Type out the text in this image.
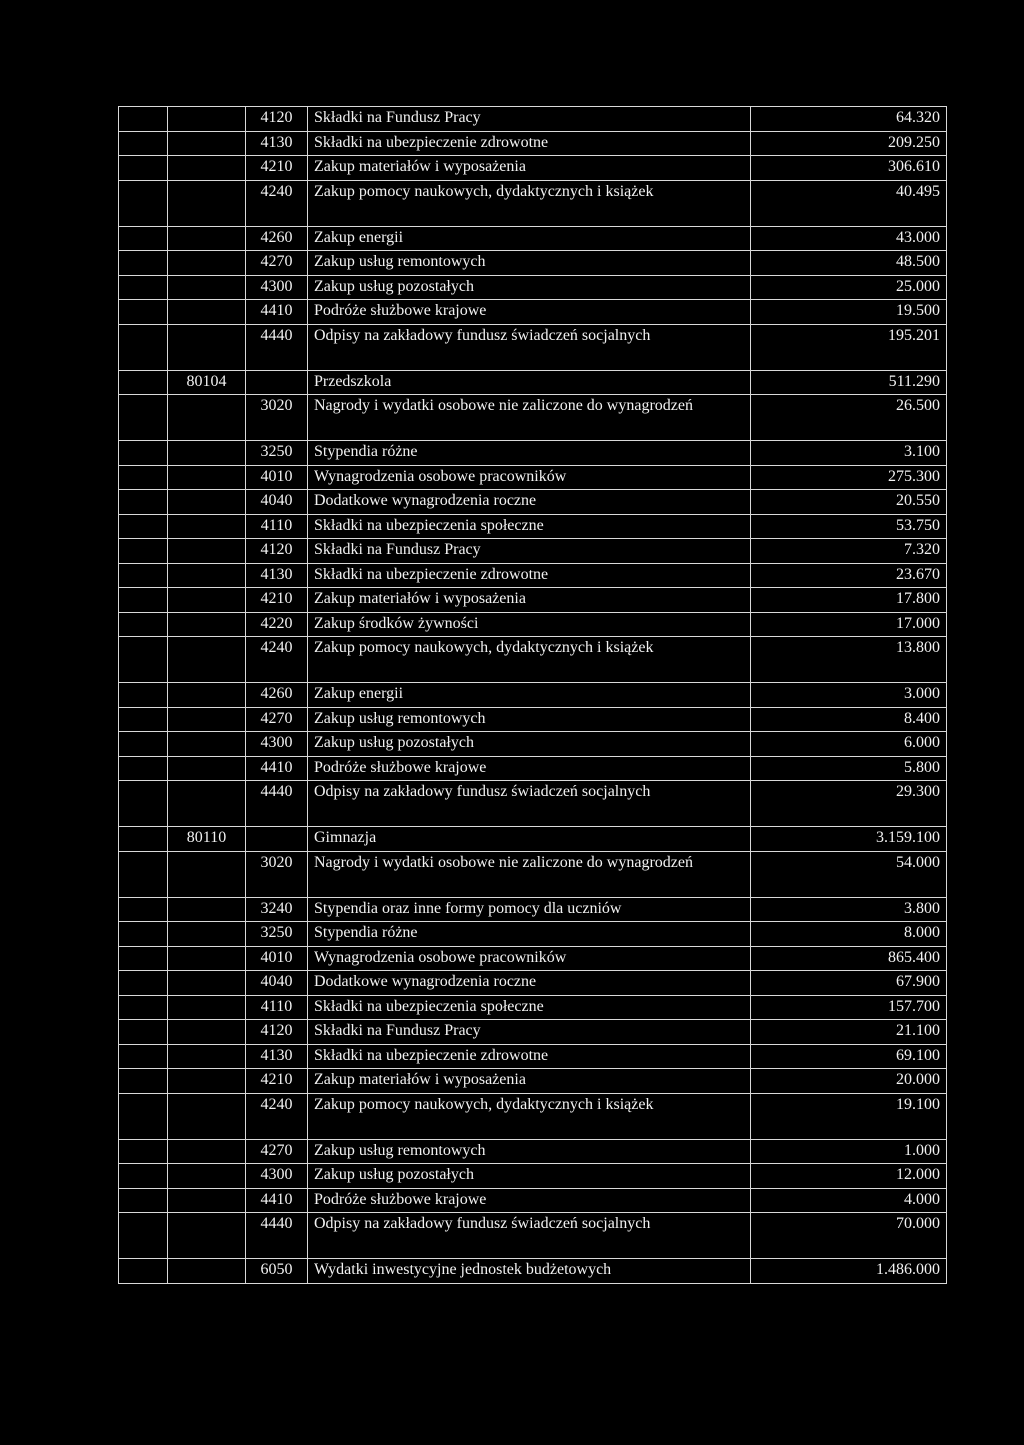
		4120	Składki na Fundusz Pracy	64.320
		4130	Składki na ubezpieczenie zdrowotne	209.250
		4210	Zakup materiałów i wyposażenia	306.610
		4240	Zakup pomocy naukowych, dydaktycznych i książek	40.495
		4260	Zakup energii	43.000
		4270	Zakup usług remontowych	48.500
		4300	Zakup usług pozostałych	25.000
		4410	Podróże służbowe krajowe	19.500
		4440	Odpisy na zakładowy fundusz świadczeń socjalnych	195.201
	80104		Przedszkola	511.290
		3020	Nagrody i wydatki osobowe nie zaliczone do wynagrodzeń	26.500
		3250	Stypendia różne	3.100
		4010	Wynagrodzenia osobowe pracowników	275.300
		4040	Dodatkowe wynagrodzenia roczne	20.550
		4110	Składki na ubezpieczenia społeczne	53.750
		4120	Składki na Fundusz Pracy	7.320
		4130	Składki na ubezpieczenie zdrowotne	23.670
		4210	Zakup materiałów i wyposażenia	17.800
		4220	Zakup środków żywności	17.000
		4240	Zakup pomocy naukowych, dydaktycznych i książek	13.800
		4260	Zakup energii	3.000
		4270	Zakup usług remontowych	8.400
		4300	Zakup usług pozostałych	6.000
		4410	Podróże służbowe krajowe	5.800
		4440	Odpisy na zakładowy fundusz świadczeń socjalnych	29.300
	80110		Gimnazja	3.159.100
		3020	Nagrody i wydatki osobowe nie zaliczone do wynagrodzeń	54.000
		3240	Stypendia oraz inne formy pomocy dla uczniów	3.800
		3250	Stypendia różne	8.000
		4010	Wynagrodzenia osobowe pracowników	865.400
		4040	Dodatkowe wynagrodzenia roczne	67.900
		4110	Składki na ubezpieczenia społeczne	157.700
		4120	Składki na Fundusz Pracy	21.100
		4130	Składki na ubezpieczenie zdrowotne	69.100
		4210	Zakup materiałów i wyposażenia	20.000
		4240	Zakup pomocy naukowych, dydaktycznych i książek	19.100
		4270	Zakup usług remontowych	1.000
		4300	Zakup usług pozostałych	12.000
		4410	Podróże służbowe krajowe	4.000
		4440	Odpisy na zakładowy fundusz świadczeń socjalnych	70.000
		6050	Wydatki inwestycyjne jednostek budżetowych	1.486.000
